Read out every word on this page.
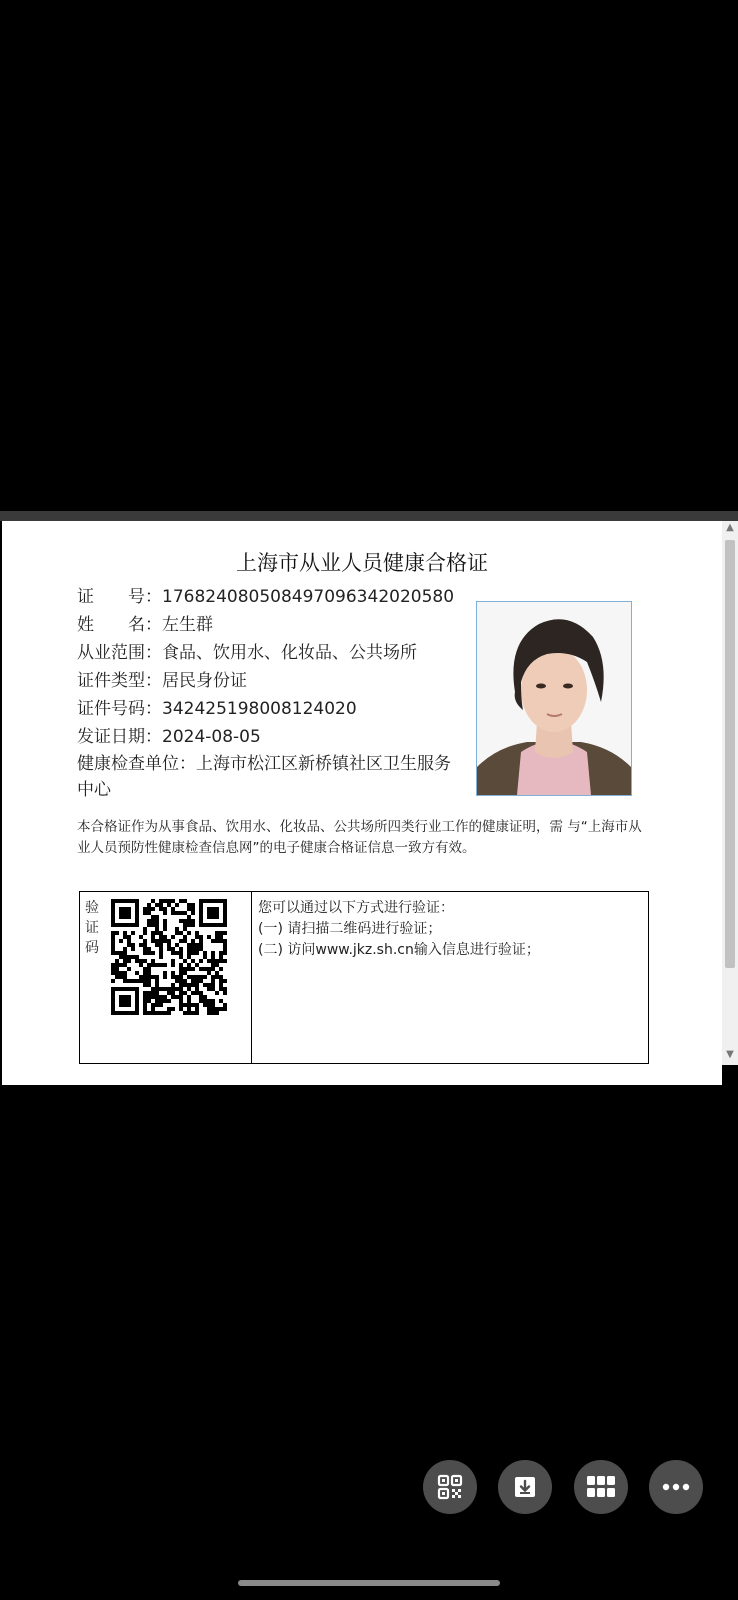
上海市从业人员健康合格证
证　　号： 176824080508497096342020580
姓　　名： 左生群
从业范围： 食品、饮用水、化妆品、公共场所
证件类型： 居民身份证
证件号码： 342425198008124020
发证日期： 2024-08-05
健康检查单位：上海市松江区新桥镇社区卫生服务中心
本合格证作为从事食品、饮用水、化妆品、公共场所四类行业工作的健康证明，需 与“上海市从业人员预防性健康检查信息网”的电子健康合格证信息一致方有效。
验
证
码
您可以通过以下方式进行验证：
(一) 请扫描二维码进行验证；
(二) 访问www.jkz.sh.cn输入信息进行验证；
▲
▼
